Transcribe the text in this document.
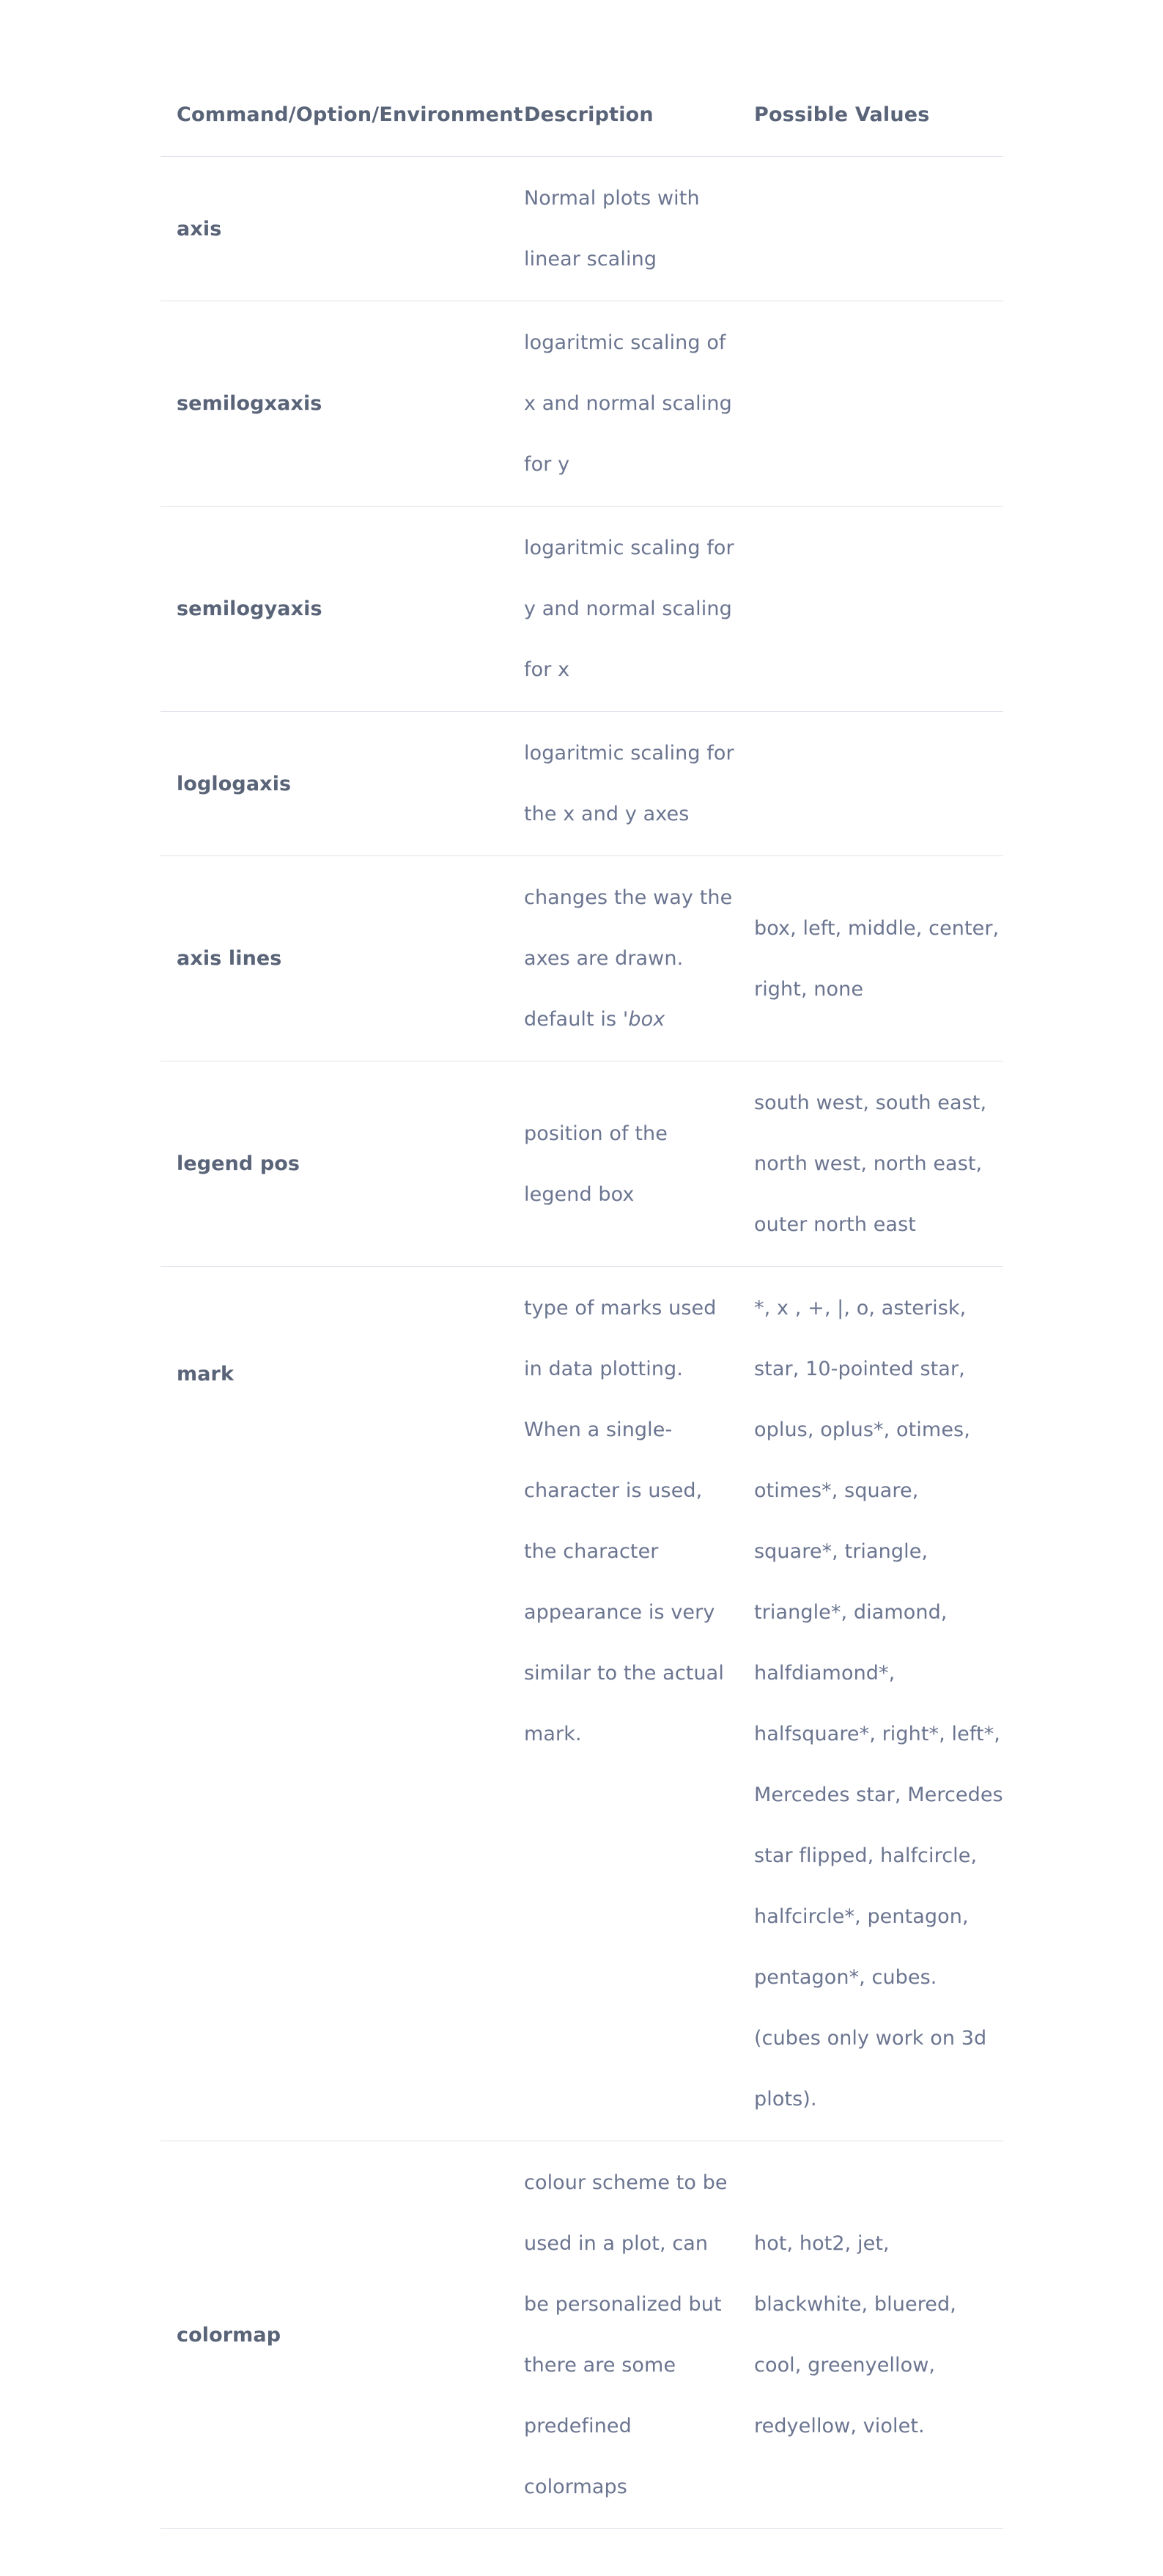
Command/Option/Environment	Description	Possible Values
axis	Normal plots with linear scaling	
semilogxaxis	logaritmic scaling of x and normal scaling for y	
semilogyaxis	logaritmic scaling for y and normal scaling for x	
loglogaxis	logaritmic scaling for the x and y axes	
axis lines	changes the way the axes are drawn. default is 'box	box, left, middle, center, right, none
legend pos	position of the legend box	south west, south east, north west, north east, outer north east

mark	type of marks used in data plotting. When a single-character is used, the character appearance is very similar to the actual mark.	*, x , +, |, o, asterisk, star, 10-pointed star, oplus, oplus*, otimes, otimes*, square, square*, triangle, triangle*, diamond, halfdiamond*, halfsquare*, right*, left*, Mercedes star, Mercedes star flipped, halfcircle, halfcircle*, pentagon, pentagon*, cubes. (cubes only work on 3d plots).
colormap	colour scheme to be used in a plot, can be personalized but there are some predefined colormaps	hot, hot2, jet, blackwhite, bluered, cool, greenyellow, redyellow, violet.
